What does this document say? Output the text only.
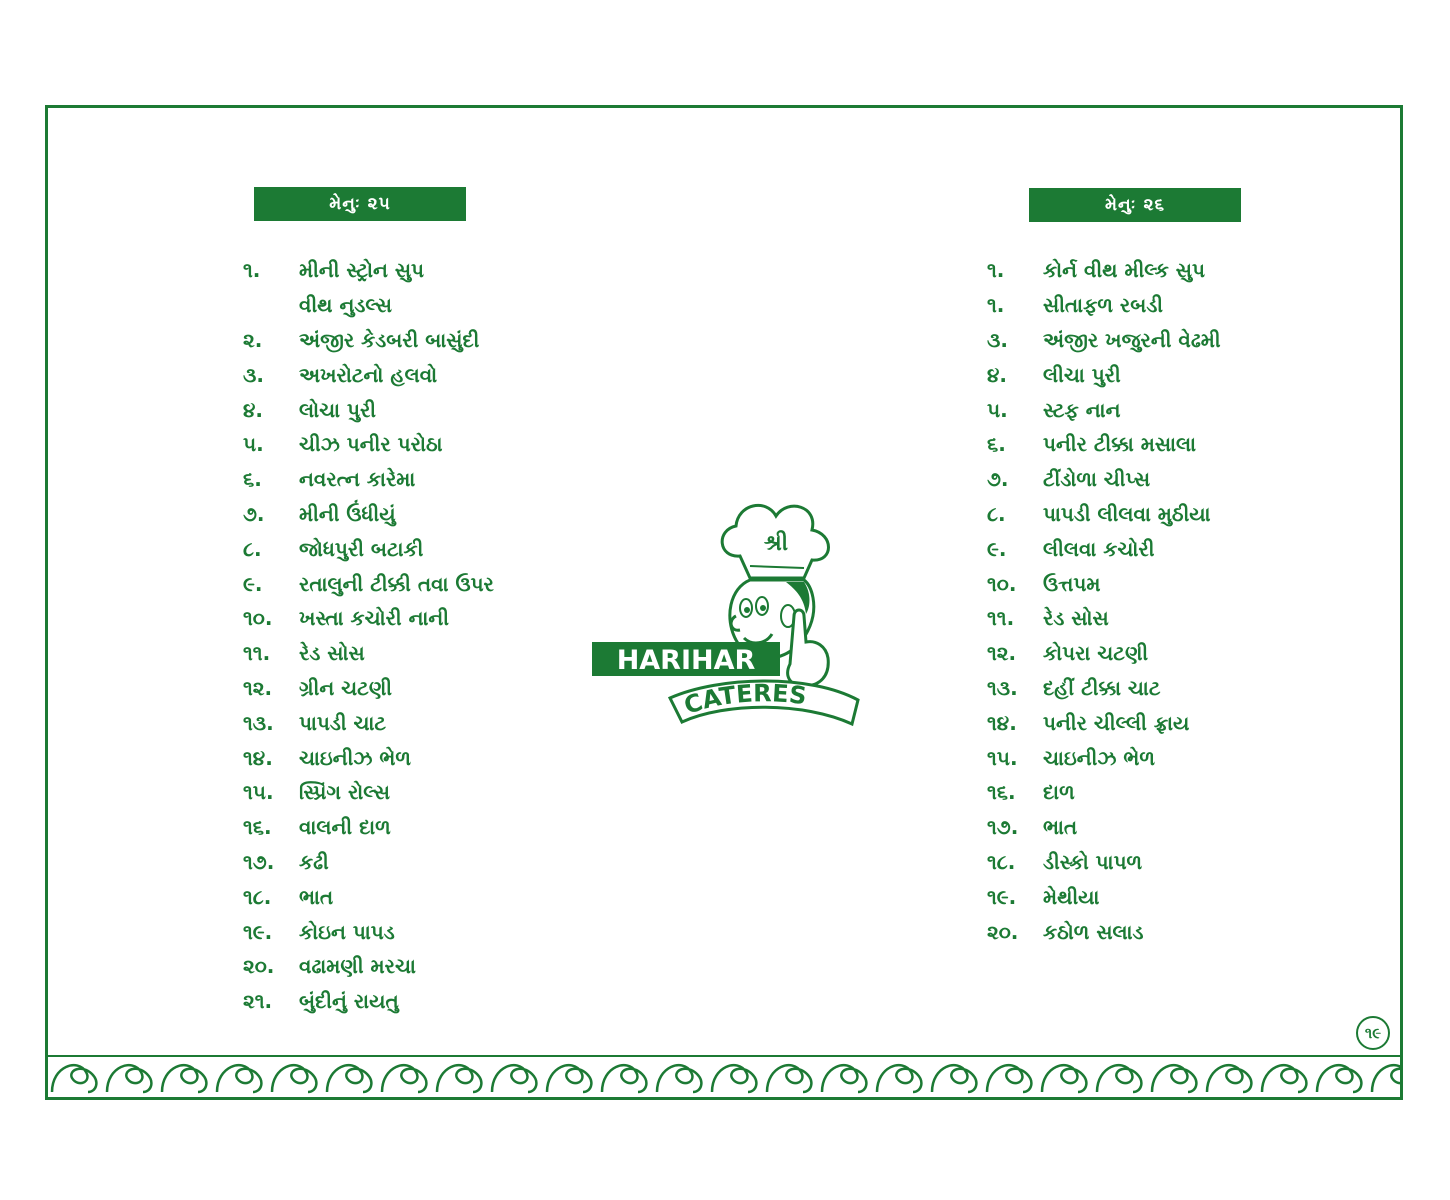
મેનુઃ ૨૫
૧.	મીની સ્ટ્રોન સુપ
વીથ નુડલ્સ
૨.	અંજીર કેડબરી બાસુંદી
૩.	અખરોટનો હલવો
૪.	લોચા પુરી
૫.	ચીઝ પનીર પરોઠા
૬.	નવરત્ન કારેમા
૭.	મીની ઉંધીયું
૮.	જોધપુરી બટાકી
૯.	રતાલુની ટીક્કી તવા ઉપર
૧૦.	ખસ્તા કચોરી નાની
૧૧.	રેડ સોસ
૧૨.	ગ્રીન ચટણી
૧૩.	પાપડી ચાટ
૧૪.	ચાઇનીઝ ભેળ
૧૫.	સ્પ્રિંગ રોલ્સ
૧૬.	વાલની દાળ
૧૭.	કઢી
૧૮.	ભાત
૧૯.	કોઇન પાપડ
૨૦.	વઢામણી મરચા
૨૧.	બુંદીનું રાયતુ
મેનુઃ ૨૬
૧.	કોર્ન વીથ મીલ્ક સુપ
૧.	સીતાફળ રબડી
૩.	અંજીર ખજુરની વેઢમી
૪.	લીચા પુરી
૫.	સ્ટફ નાન
૬.	પનીર ટીક્કા મસાલા
૭.	ટીંડોળા ચીપ્સ
૮.	પાપડી લીલવા મુઠીયા
૯.	લીલવા કચોરી
૧૦.	ઉત્તપમ
૧૧.	રેડ સોસ
૧૨.	કોપરા ચટણી
૧૩.	દહીં ટીક્કા ચાટ
૧૪.	પનીર ચીલ્લી ફ્રાય
૧૫.	ચાઇનીઝ ભેળ
૧૬.	દાળ
૧૭.	ભાત
૧૮.	ડીસ્કો પાપળ
૧૯.	મેથીયા
૨૦.	કઠોળ સલાડ
શ્રી
HARIHAR
CATERES
૧૯
